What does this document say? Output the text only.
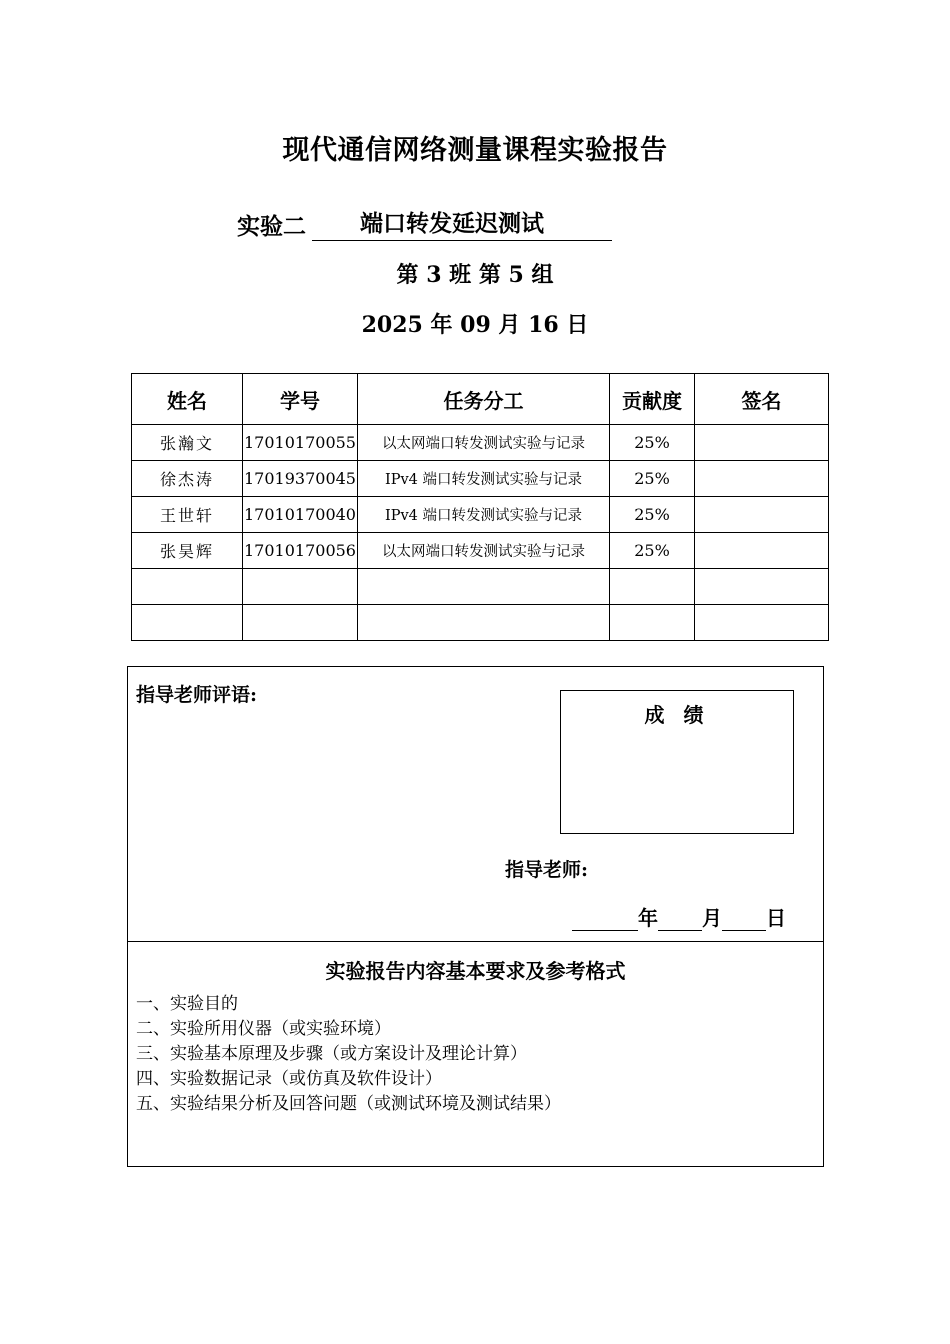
现代通信网络测量课程实验报告
实验二	端口转发延迟测试
第 3 班 第 5 组
2025 年 09 月 16 日
姓名	学号	任务分工	贡献度	签名
张瀚文	17010170055	以太网端口转发测试实验与记录	25%	
徐杰涛	17019370045	IPv4 端口转发测试实验与记录	25%	
王世轩	17010170040	IPv4 端口转发测试实验与记录	25%	
张昊辉	17010170056	以太网端口转发测试实验与记录	25%	

指导老师评语:
成 绩
指导老师:
年 月 日
实验报告内容基本要求及参考格式
一、实验目的
二、实验所用仪器（或实验环境）
三、实验基本原理及步骤（或方案设计及理论计算）
四、实验数据记录（或仿真及软件设计）
五、实验结果分析及回答问题（或测试环境及测试结果）
